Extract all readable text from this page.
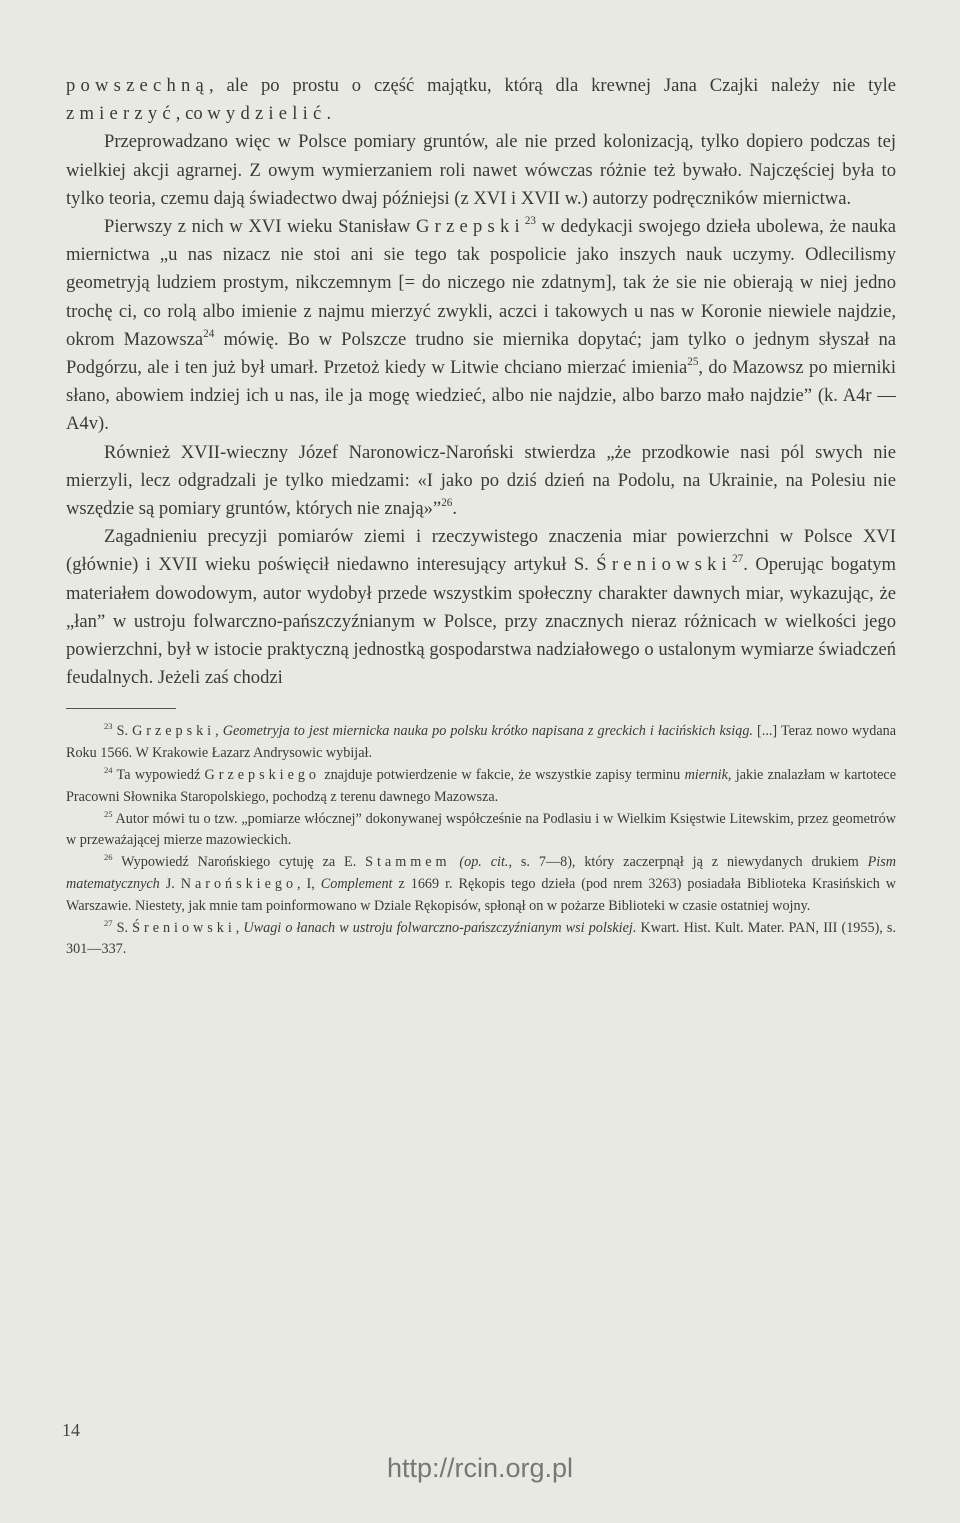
powszechną, ale po prostu o część majątku, którą dla krewnej Jana Czajki należy nie tyle zmierzyć, co wydzielić.

Przeprowadzano więc w Polsce pomiary gruntów, ale nie przed kolonizacją, tylko dopiero podczas tej wielkiej akcji agrarnej. Z owym wymierzaniem roli nawet wówczas różnie też bywało. Najczęściej była to tylko teoria, czemu dają świadectwo dwaj późniejsi (z XVI i XVII w.) autorzy podręczników miernictwa.

Pierwszy z nich w XVI wieku Stanisław Grzepski$^{23}$ w dedykacji swojego dzieła ubolewa, że nauka miernictwa „u nas nizacz nie stoi ani sie tego tak pospolicie jako inszych nauk uczymy. Odlecilismy geometryją ludziem prostym, nikczemnym [= do niczego nie zdatnym], tak że sie nie obierają w niej jedno trochę ci, co rolą albo imienie z najmu mierzyć zwykli, aczci i takowych u nas w Koronie niewiele najdzie, okrom Mazowsza$^{24}$ mówię. Bo w Polszcze trudno sie miernika dopytać; jam tylko o jednym słyszał na Podgórzu, ale i ten już był umarł. Przetoż kiedy w Litwie chciano mierzać imienia$^{25}$, do Mazowsz po mierniki słano, abowiem indziej ich u nas, ile ja mogę wiedzieć, albo nie najdzie, albo barzo mało najdzie” (k. A4r — A4v).

Również XVII-wieczny Józef Naronowicz-Naroński stwierdza „że przodkowie nasi pól swych nie mierzyli, lecz odgradzali je tylko miedzami: «I jako po dziś dzień na Podolu, na Ukrainie, na Polesiu nie wszędzie są pomiary gruntów, których nie znają»”$^{26}$.

Zagadnieniu precyzji pomiarów ziemi i rzeczywistego znaczenia miar powierzchni w Polsce XVI (głównie) i XVII wieku poświęcił niedawno interesujący artykuł S. Śreniowski$^{27}$. Operując bogatym materiałem dowodowym, autor wydobył przede wszystkim społeczny charakter dawnych miar, wykazując, że „łan” w ustroju folwarczno-pańszczyźnianym w Polsce, przy znacznych nieraz różnicach w wielkości jego powierzchni, był w istocie praktyczną jednostką gospodarstwa nadziałowego o ustalonym wymiarze świadczeń feudalnych. Jeżeli zaś chodzi

$^{23}$ S. Grzepski, Geometryja to jest miernicka nauka po polsku krótko napisana z greckich i łacińskich ksiąg. [...] Teraz nowo wydana Roku 1566. W Krakowie Łazarz Andrysowic wybijał.

$^{24}$ Ta wypowiedź Grzepskiego znajduje potwierdzenie w fakcie, że wszystkie zapisy terminu miernik, jakie znalazłam w kartotece Pracowni Słownika Staropolskiego, pochodzą z terenu dawnego Mazowsza.

$^{25}$ Autor mówi tu o tzw. „pomiarze włócznej” dokonywanej współcześnie na Podlasiu i w Wielkim Księstwie Litewskim, przez geometrów w przeważającej mierze mazowieckich.

$^{26}$ Wypowiedź Narońskiego cytuję za E. Stammem (op. cit., s. 7—8), który zaczerpnął ją z niewydanych drukiem Pism matematycznych J. Narońskiego, I, Complement z 1669 r. Rękopis tego dzieła (pod nrem 3263) posiadała Biblioteka Krasińskich w Warszawie. Niestety, jak mnie tam poinformowano w Dziale Rękopisów, spłonął on w pożarze Biblioteki w czasie ostatniej wojny.

$^{27}$ S. Śreniowski, Uwagi o łanach w ustroju folwarczno-pańszczyźnianym wsi polskiej. Kwart. Hist. Kult. Mater. PAN, III (1955), s. 301—337.

14
http://rcin.org.pl
